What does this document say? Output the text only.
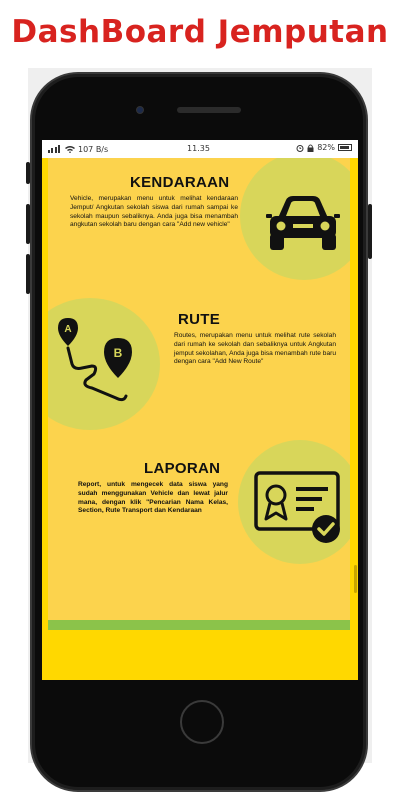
DashBoard Jemputan
107 B/s	11.35	82%
KENDARAAN
Vehicle, merupakan menu untuk melihat kendaraan Jemput/ Angkutan sekolah siswa dari rumah sampai ke sekolah maupun sebaliknya. Anda juga bisa menambah angkutan sekolah baru dengan cara "Add new vehicle"
A
B
RUTE
Routes, merupakan menu untuk melihat rute sekolah dari rumah ke sekolah dan sebaliknya untuk Angkutan jemput sekolahan, Anda juga bisa menambah rute baru dengan cara "Add New Route"
LAPORAN
Report, untuk mengecek data siswa yang sudah menggunakan Vehicle dan lewat jalur mana, dengan klik "Pencarian Nama Kelas, Section, Rute Transport dan Kendaraan
